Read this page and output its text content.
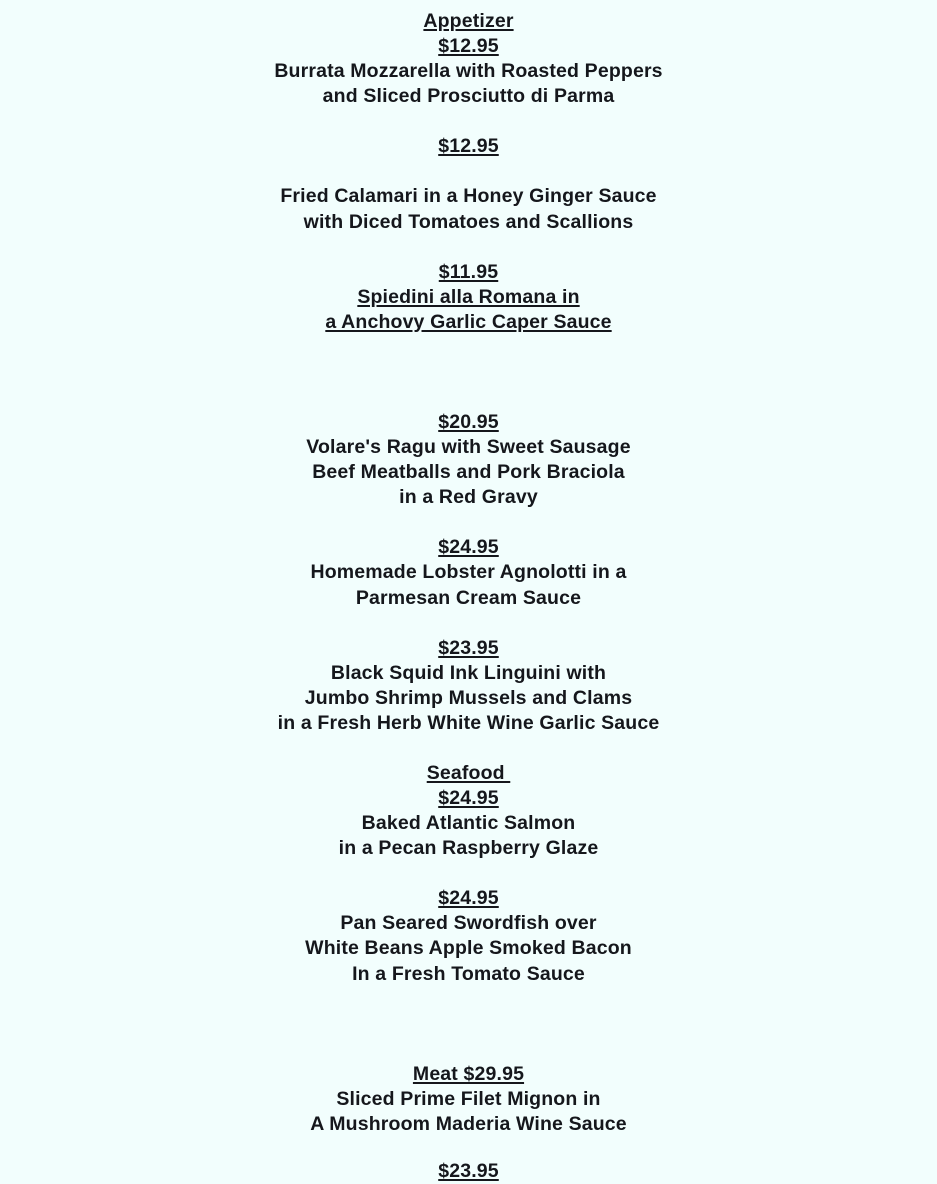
Appetizer
$12.95
Burrata Mozzarella with Roasted Peppers
and Sliced Prosciutto di Parma
$12.95
Fried Calamari in a Honey Ginger Sauce
with Diced Tomatoes and Scallions
$11.95
Spiedini alla Romana in
a Anchovy Garlic Caper Sauce
$20.95
Volare's Ragu with Sweet Sausage
Beef Meatballs and Pork Braciola
in a Red Gravy
$24.95
Homemade Lobster Agnolotti in a
Parmesan Cream Sauce
$23.95
Black Squid Ink Linguini with
Jumbo Shrimp Mussels and Clams
in a Fresh Herb White Wine Garlic Sauce
Seafood
$24.95
Baked Atlantic Salmon
in a Pecan Raspberry Glaze
$24.95
Pan Seared Swordfish over
White Beans Apple Smoked Bacon
In a Fresh Tomato Sauce
Meat $29.95
Sliced Prime Filet Mignon in
A Mushroom Maderia Wine Sauce
$23.95
